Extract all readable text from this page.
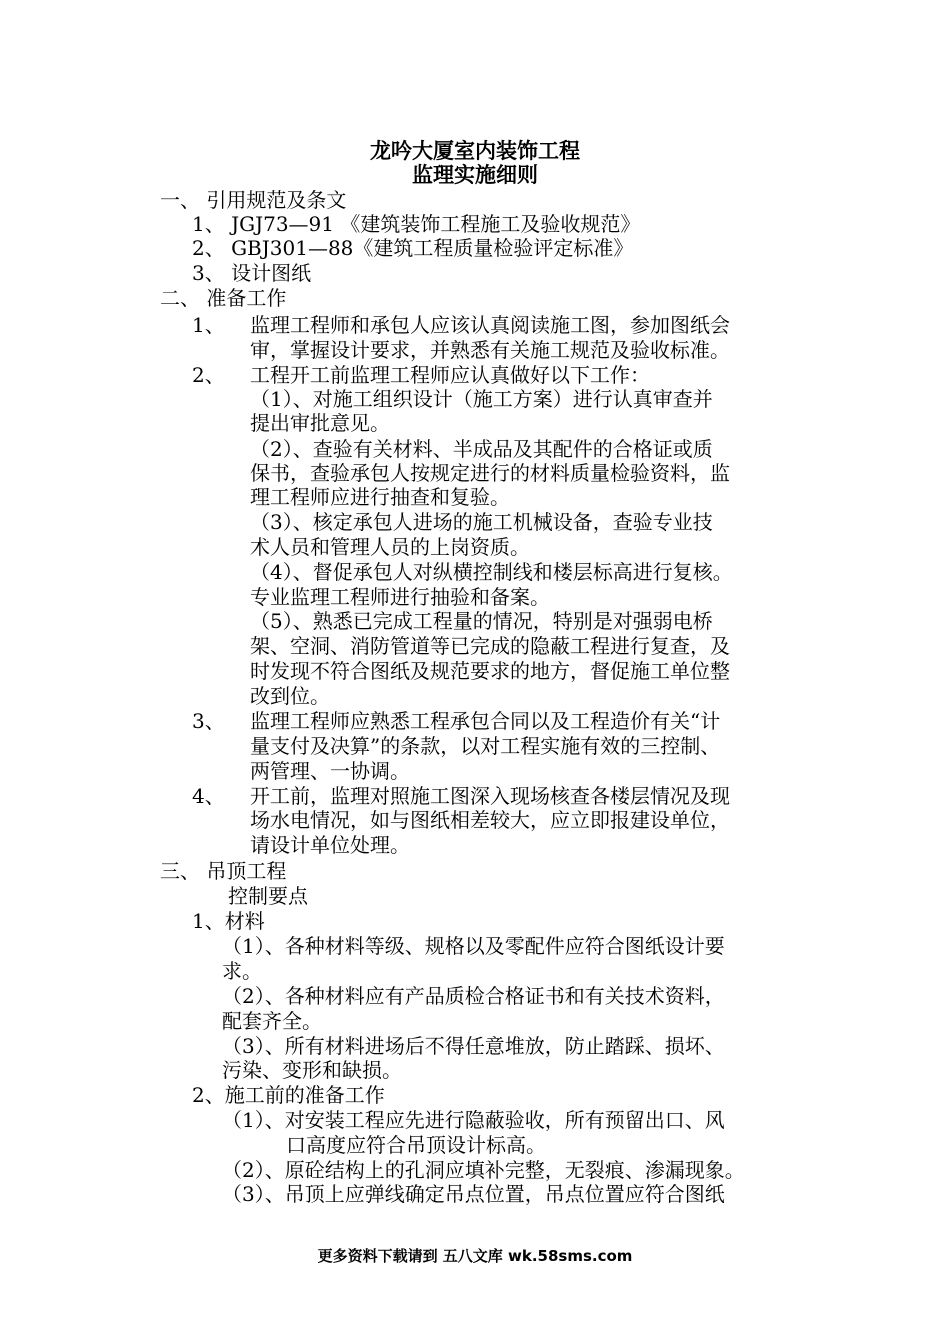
龙吟大厦室内装饰工程
监理实施细则
一、 引用规范及条文
1、 JGJ73—91 《建筑装饰工程施工及验收规范》
2、 GBJ301—88《建筑工程质量检验评定标准》
3、 设计图纸
二、 准备工作
1、 监理工程师和承包人应该认真阅读施工图，参加图纸会
审，掌握设计要求，并熟悉有关施工规范及验收标准。
2、 工程开工前监理工程师应认真做好以下工作：
（1）、对施工组织设计（施工方案）进行认真审查并
提出审批意见。
（2）、查验有关材料、半成品及其配件的合格证或质
保书，查验承包人按规定进行的材料质量检验资料，监
理工程师应进行抽查和复验。
（3）、核定承包人进场的施工机械设备，查验专业技
术人员和管理人员的上岗资质。
（4）、督促承包人对纵横控制线和楼层标高进行复核。
专业监理工程师进行抽验和备案。
（5）、熟悉已完成工程量的情况，特别是对强弱电桥
架、空洞、消防管道等已完成的隐蔽工程进行复查，及
时发现不符合图纸及规范要求的地方，督促施工单位整
改到位。
3、 监理工程师应熟悉工程承包合同以及工程造价有关“计
量支付及决算”的条款，以对工程实施有效的三控制、
两管理、一协调。
4、 开工前，监理对照施工图深入现场核查各楼层情况及现
场水电情况，如与图纸相差较大，应立即报建设单位，
请设计单位处理。
三、 吊顶工程
控制要点
1、材料
（1）、各种材料等级、规格以及零配件应符合图纸设计要
求。
（2）、各种材料应有产品质检合格证书和有关技术资料，
配套齐全。
（3）、所有材料进场后不得任意堆放，防止踏踩、损坏、
污染、变形和缺损。
2、施工前的准备工作
（1）、对安装工程应先进行隐蔽验收，所有预留出口、风
口高度应符合吊顶设计标高。
（2）、原砼结构上的孔洞应填补完整，无裂痕、渗漏现象。
（3）、吊顶上应弹线确定吊点位置，吊点位置应符合图纸
更多资料下载请到 五八文库 wk.58sms.com
